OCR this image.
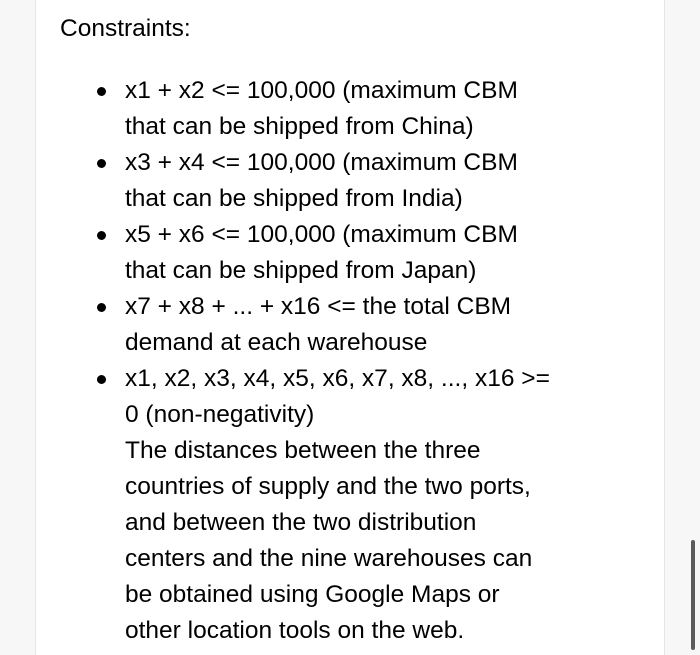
Constraints:
x1 + x2 <= 100,000 (maximum CBM
that can be shipped from China)
x3 + x4 <= 100,000 (maximum CBM
that can be shipped from India)
x5 + x6 <= 100,000 (maximum CBM
that can be shipped from Japan)
x7 + x8 + ... + x16 <= the total CBM
demand at each warehouse
x1, x2, x3, x4, x5, x6, x7, x8, ..., x16 >=
0 (non-negativity)
The distances between the three
countries of supply and the two ports,
and between the two distribution
centers and the nine warehouses can
be obtained using Google Maps or
other location tools on the web.
